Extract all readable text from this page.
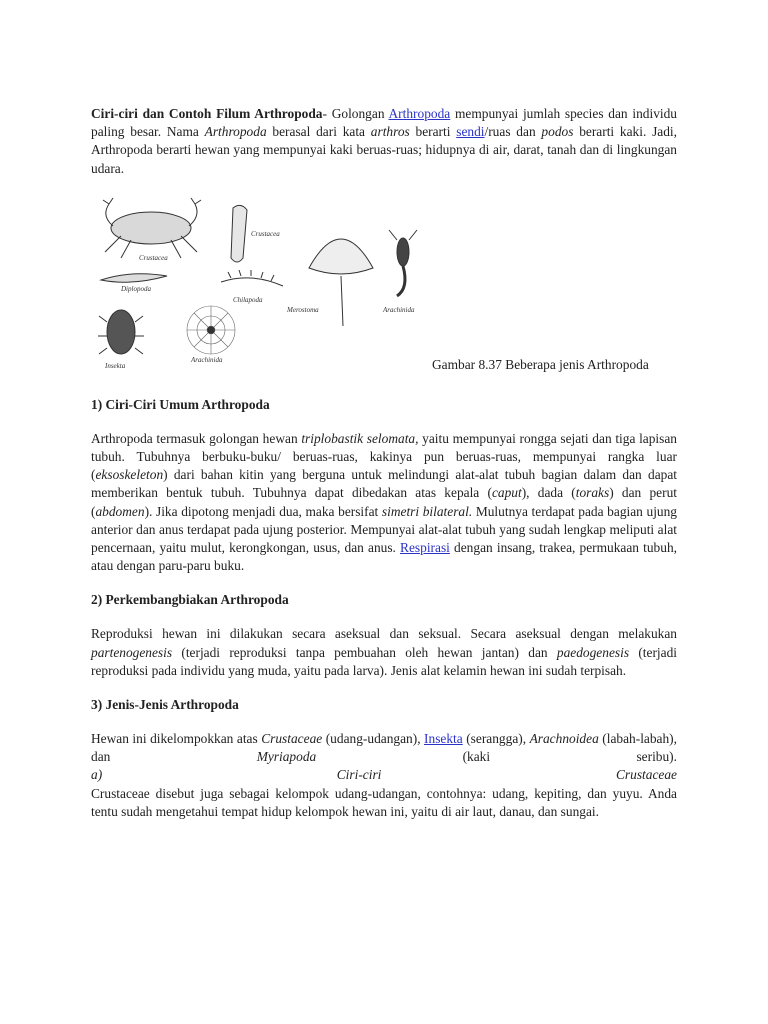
Ciri-ciri dan Contoh Filum Arthropoda- Golongan Arthropoda mempunyai jumlah species dan individu paling besar. Nama Arthropoda berasal dari kata arthros berarti sendi/ruas dan podos berarti kaki. Jadi, Arthropoda berarti hewan yang mempunyai kaki beruas-ruas; hidupnya di air, darat, tanah dan di lingkungan udara.

Crustacea
Crustacea
Diplopoda
Chilapoda
Merostoma	Arachinida
Insekta
Arachinida	Gambar 8.37 Beberapa jenis Arthropoda
1) Ciri-Ciri Umum Arthropoda

Arthropoda termasuk golongan hewan triplobastik selomata, yaitu mempunyai rongga sejati dan tiga lapisan tubuh. Tubuhnya berbuku-buku/ beruas-ruas, kakinya pun beruas-ruas, mempunyai rangka luar (eksoskeleton) dari bahan kitin yang berguna untuk melindungi alat-alat tubuh bagian dalam dan dapat memberikan bentuk tubuh. Tubuhnya dapat dibedakan atas kepala (caput), dada (toraks) dan perut (abdomen). Jika dipotong menjadi dua, maka bersifat simetri bilateral. Mulutnya terdapat pada bagian ujung anterior dan anus terdapat pada ujung posterior. Mempunyai alat-alat tubuh yang sudah lengkap meliputi alat pencernaan, yaitu mulut, kerongkongan, usus, dan anus. Respirasi dengan insang, trakea, permukaan tubuh, atau dengan paru-paru buku.

2) Perkembangbiakan Arthropoda

Reproduksi hewan ini dilakukan secara aseksual dan seksual. Secara aseksual dengan melakukan partenogenesis (terjadi reproduksi tanpa pembuahan oleh hewan jantan) dan paedogenesis (terjadi reproduksi pada individu yang muda, yaitu pada larva). Jenis alat kelamin hewan ini sudah terpisah.

3) Jenis-Jenis Arthropoda

Hewan ini dikelompokkan atas Crustaceae (udang-udangan), Insekta (serangga), Arachnoidea (labah-labah), dan Myriapoda (kaki seribu).

a)	Ciri-ciri	Crustaceae

Crustaceae disebut juga sebagai kelompok udang-udangan, contohnya: udang, kepiting, dan yuyu. Anda tentu sudah mengetahui tempat hidup kelompok hewan ini, yaitu di air laut, danau, dan sungai.
